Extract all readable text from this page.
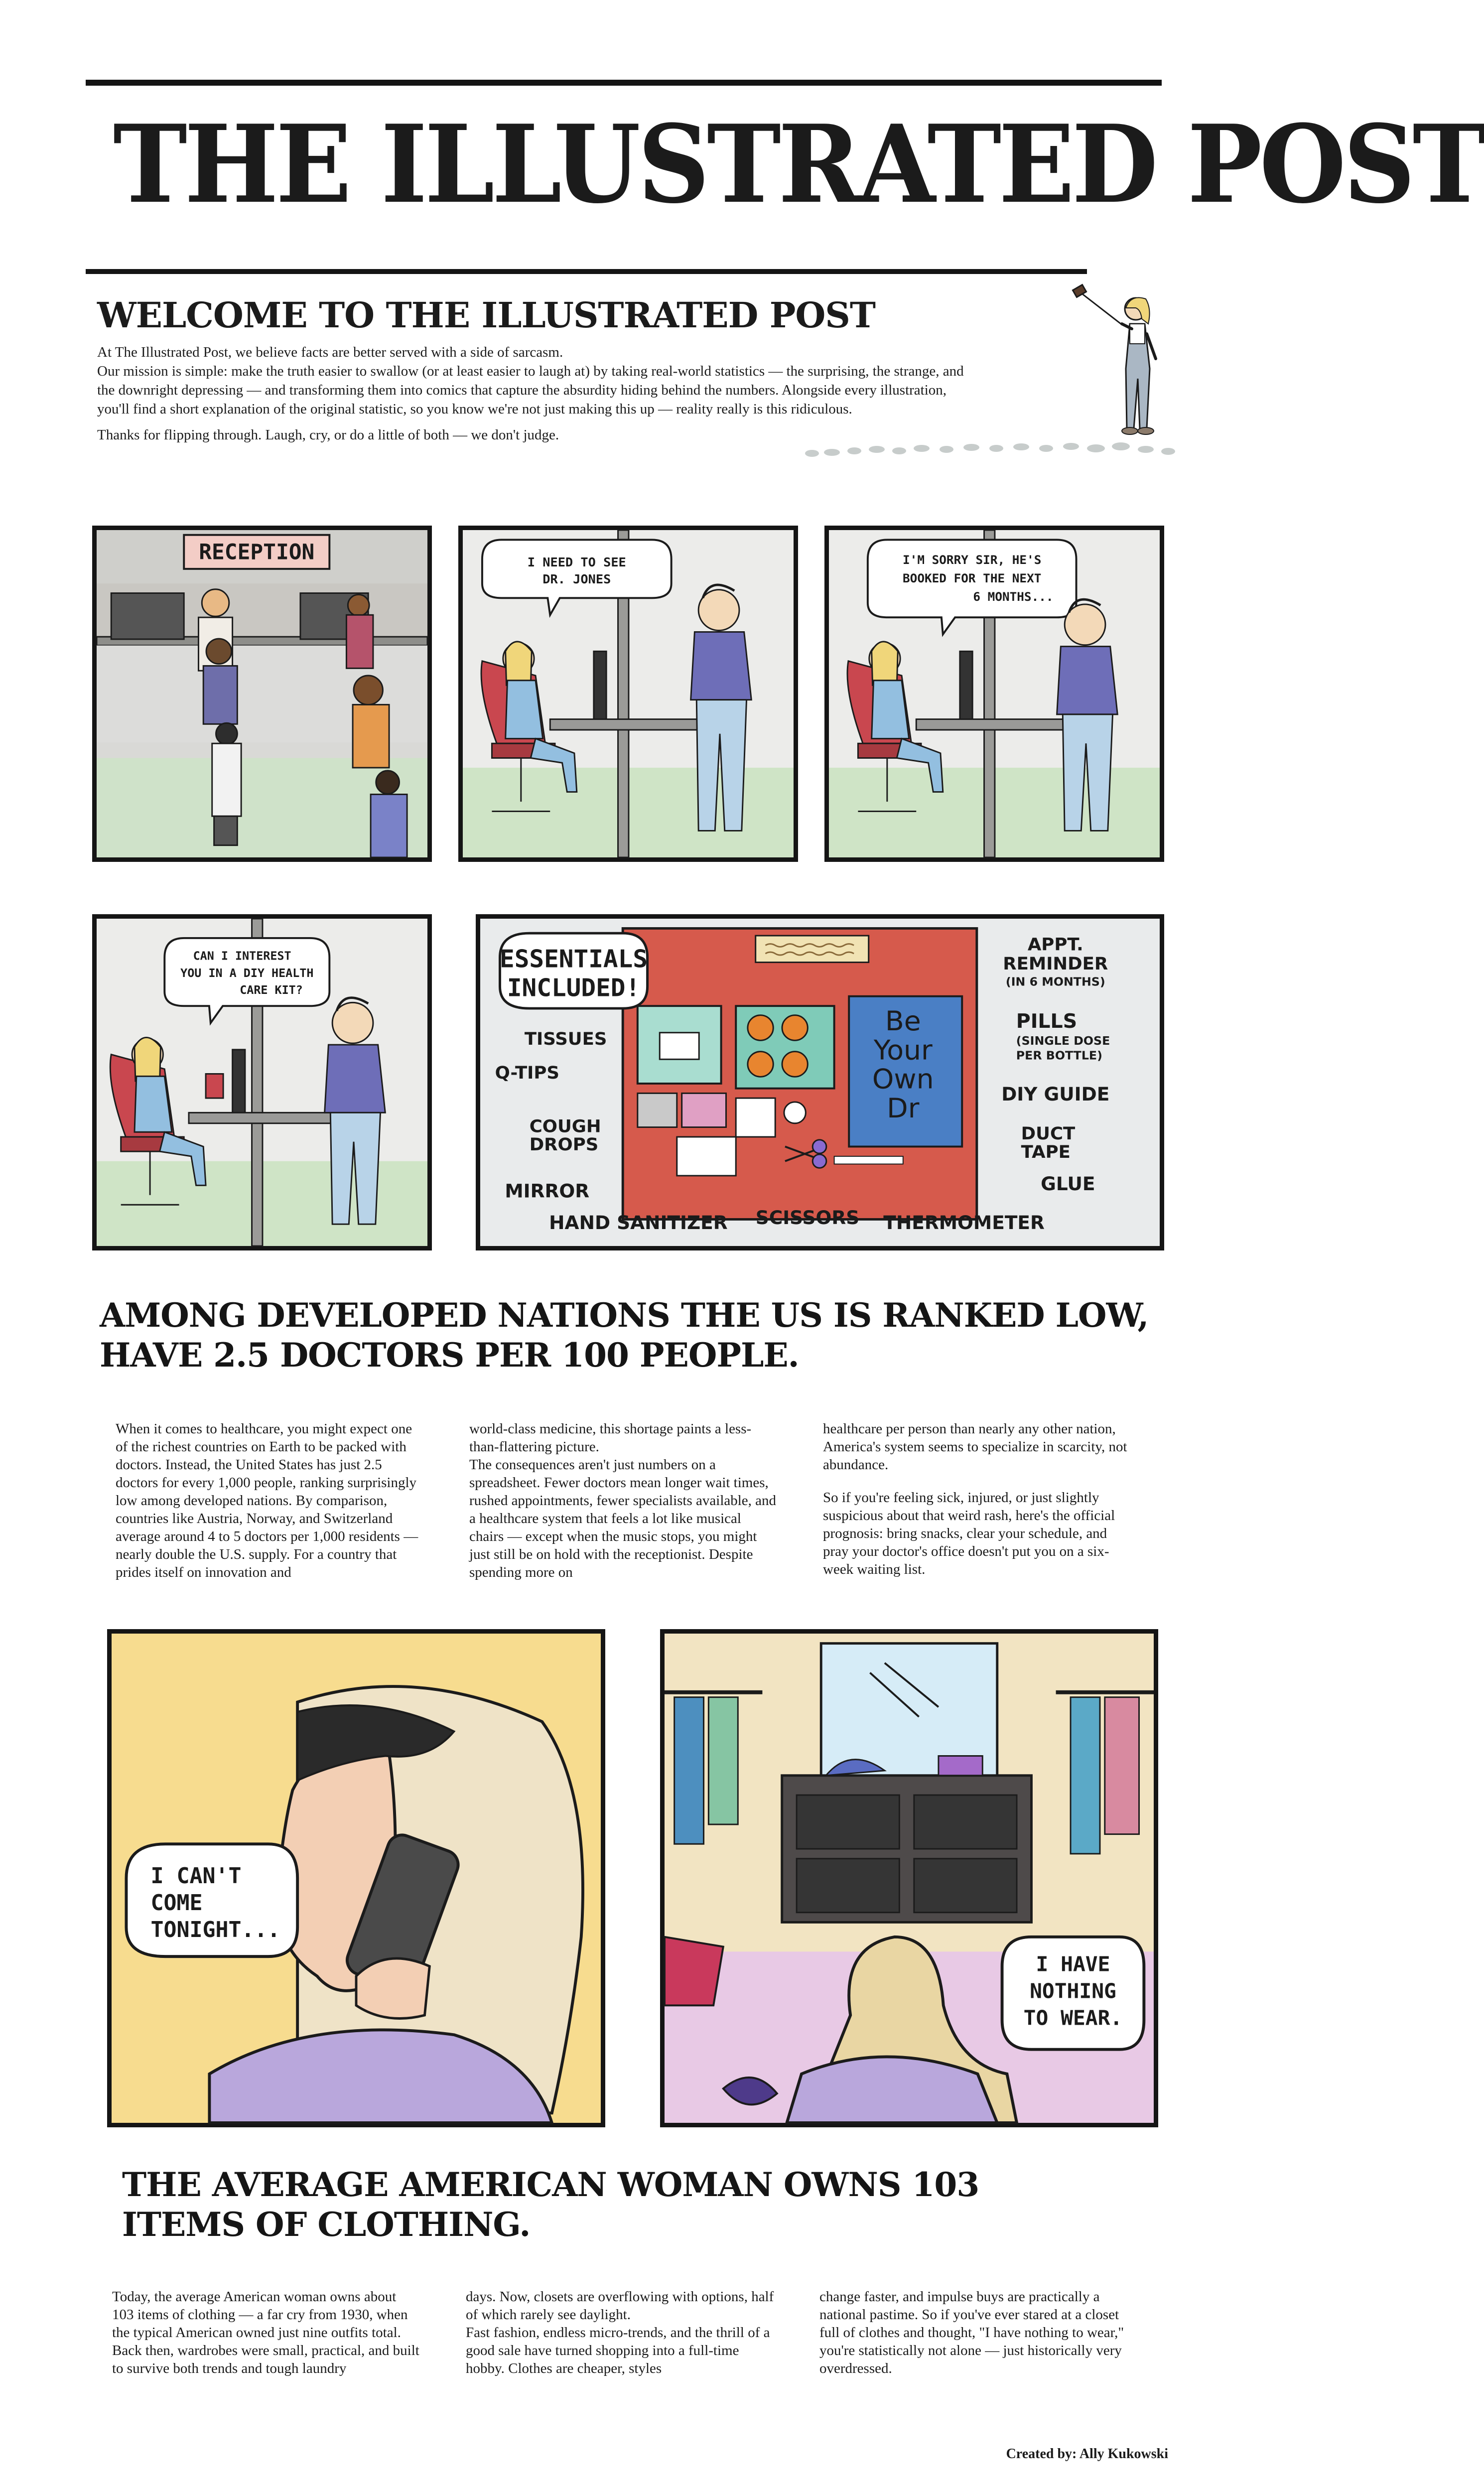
THE ILLUSTRATED POST
WELCOME TO THE ILLUSTRATED POST

At The Illustrated Post, we believe facts are better served with a side of sarcasm.

Our mission is simple: make the truth easier to swallow (or at least easier to laugh at) by taking real-world statistics — the surprising, the strange, and the downright depressing — and transforming them into comics that capture the absurdity hiding behind the numbers. Alongside every illustration, you'll find a short explanation of the original statistic, so you know we're not just making this up — reality really is this ridiculous.

Thanks for flipping through. Laugh, cry, or do a little of both — we don't judge.

RECEPTION	I NEED TO SEE
DR. JONES
I'M SORRY SIR, HE'S
BOOKED FOR THE NEXT
6 MONTHS...
CAN I INTEREST
YOU IN A DIY HEALTH
CARE KIT?
Be
Your
Own
Dr
ESSENTIALS
INCLUDED!
APPT.
REMINDER
(IN 6 MONTHS)
PILLS
(SINGLE DOSE
PER BOTTLE)
DIY GUIDE
DUCT
TAPE
GLUE
THERMOMETER
SCISSORS
HAND SANITIZER
MIRROR
COUGH
DROPS
Q-TIPS
TISSUES
AMONG DEVELOPED NATIONS THE US IS RANKED LOW, HAVE 2.5 DOCTORS PER 100 PEOPLE.

When it comes to healthcare, you might expect one of the richest countries on Earth to be packed with doctors. Instead, the United States has just 2.5 doctors for every 1,000 people, ranking surprisingly low among developed nations. By comparison, countries like Austria, Norway, and Switzerland average around 4 to 5 doctors per 1,000 residents — nearly double the U.S. supply. For a country that prides itself on innovation and

world-class medicine, this shortage paints a less-than-flattering picture.

The consequences aren't just numbers on a spreadsheet. Fewer doctors mean longer wait times, rushed appointments, fewer specialists available, and a healthcare system that feels a lot like musical chairs — except when the music stops, you might just still be on hold with the receptionist. Despite spending more on

healthcare per person than nearly any other nation, America's system seems to specialize in scarcity, not abundance.

So if you're feeling sick, injured, or just slightly suspicious about that weird rash, here's the official prognosis: bring snacks, clear your schedule, and pray your doctor's office doesn't put you on a six-week waiting list.

I CAN'T
COME
TONIGHT...
I HAVE
NOTHING
TO WEAR.
THE AVERAGE AMERICAN WOMAN OWNS 103 ITEMS OF CLOTHING.

Today, the average American woman owns about 103 items of clothing — a far cry from 1930, when the typical American owned just nine outfits total. Back then, wardrobes were small, practical, and built to survive both trends and tough laundry

days. Now, closets are overflowing with options, half of which rarely see daylight.

Fast fashion, endless micro-trends, and the thrill of a good sale have turned shopping into a full-time hobby. Clothes are cheaper, styles

change faster, and impulse buys are practically a national pastime. So if you've ever stared at a closet full of clothes and thought, "I have nothing to wear," you're statistically not alone — just historically very overdressed.

Created by: Ally Kukowski
